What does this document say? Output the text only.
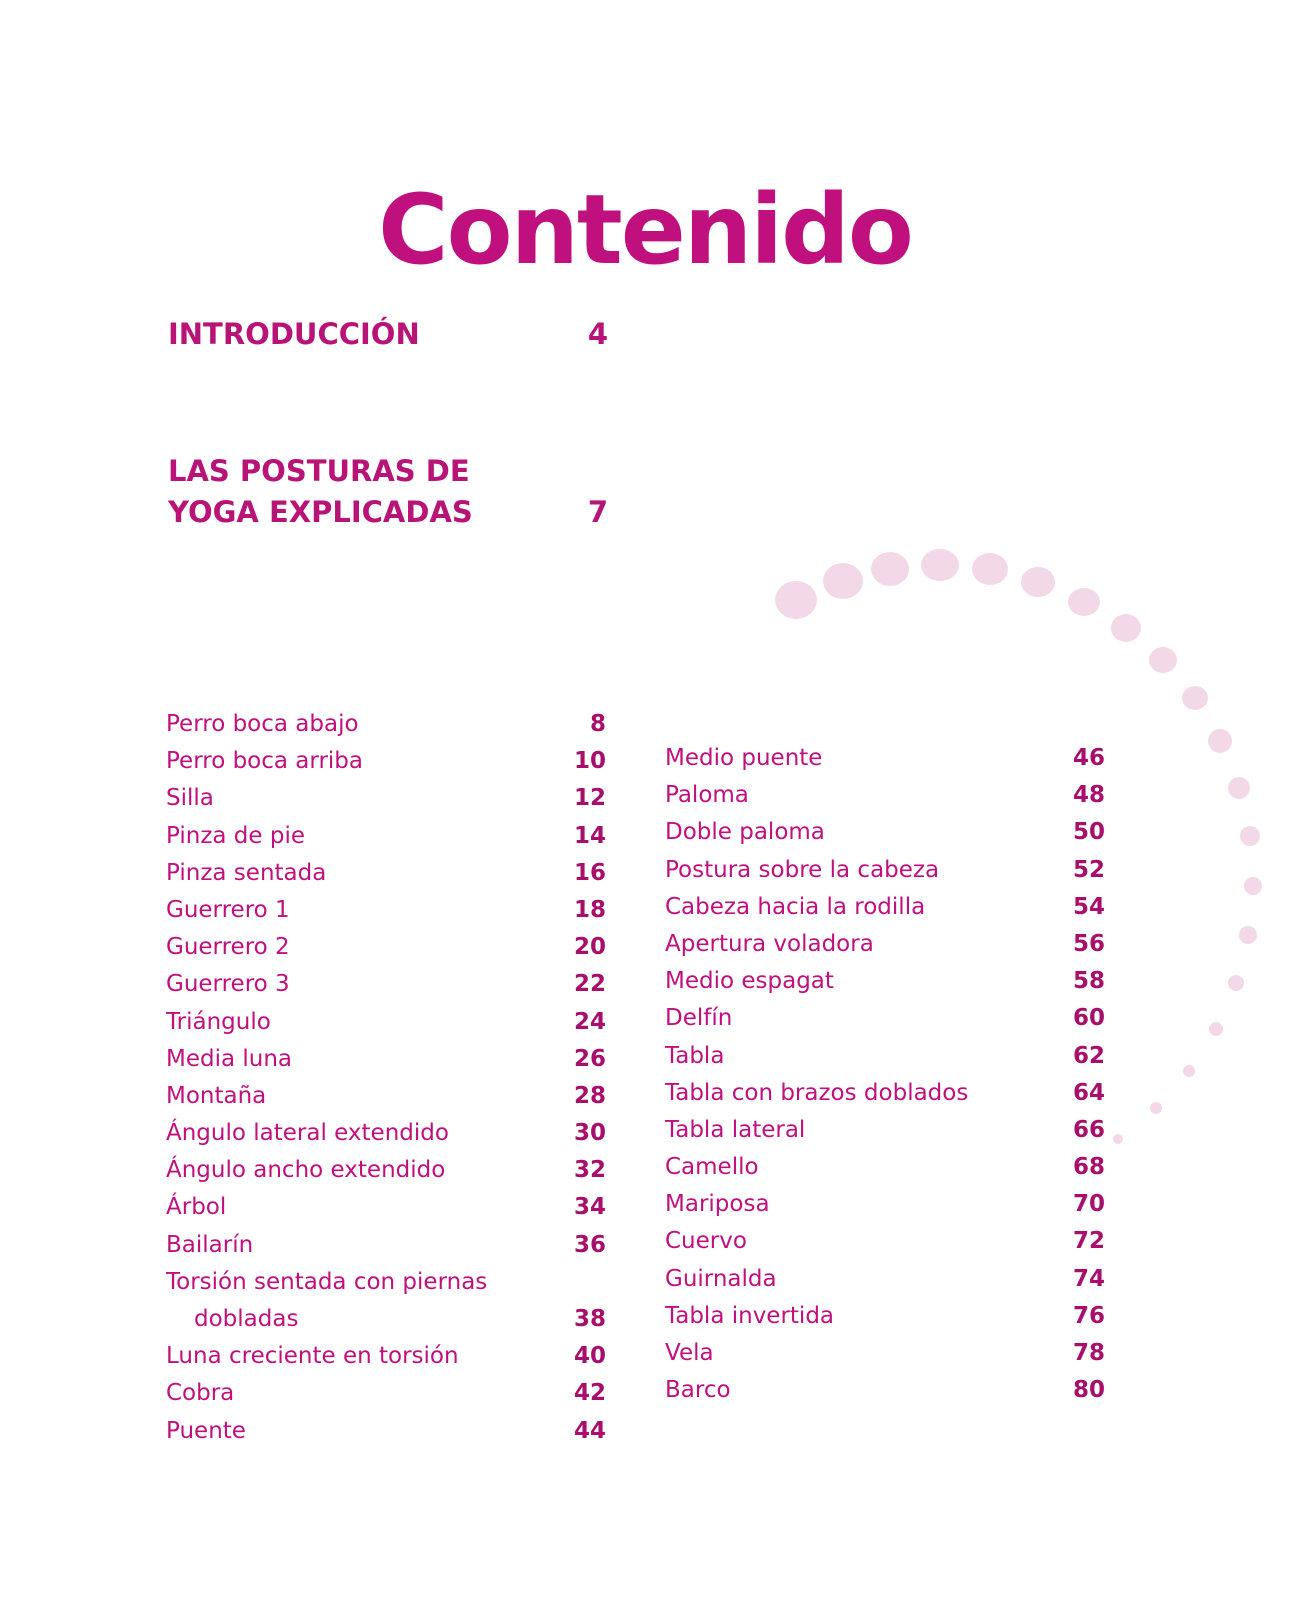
Contenido
INTRODUCCIÓN	4
LAS POSTURAS DE YOGA EXPLICADAS	7
Perro boca abajo	8
Perro boca arriba	10
Silla	12
Pinza de pie	14
Pinza sentada	16
Guerrero 1	18
Guerrero 2	20
Guerrero 3	22
Triángulo	24
Media luna	26
Montaña	28
Ángulo lateral extendido	30
Ángulo ancho extendido	32
Árbol	34
Bailarín	36
Torsión sentada con piernas
dobladas	38
Luna creciente en torsión	40
Cobra	42
Puente	44
Medio puente	46
Paloma	48
Doble paloma	50
Postura sobre la cabeza	52
Cabeza hacia la rodilla	54
Apertura voladora	56
Medio espagat	58
Delfín	60
Tabla	62
Tabla con brazos doblados	64
Tabla lateral	66
Camello	68
Mariposa	70
Cuervo	72
Guirnalda	74
Tabla invertida	76
Vela	78
Barco	80
